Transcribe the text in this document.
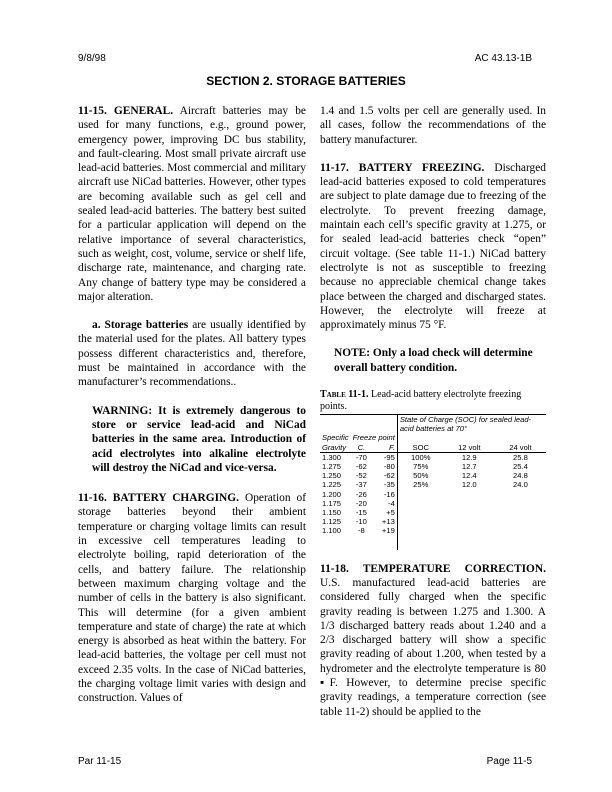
9/8/98	AC 43.13-1B
SECTION 2. STORAGE BATTERIES

11-15. GENERAL. Aircraft batteries may be used for many functions, e.g., ground power, emergency power, improving DC bus stability, and fault-clearing. Most small private aircraft use lead-acid batteries. Most commercial and military aircraft use NiCad batteries. However, other types are becoming available such as gel cell and sealed lead-acid batteries. The battery best suited for a particular application will depend on the relative importance of several characteristics, such as weight, cost, volume, service or shelf life, discharge rate, maintenance, and charging rate. Any change of battery type may be considered a major alteration.

a. Storage batteries are usually identified by the material used for the plates. All battery types possess different characteristics and, therefore, must be maintained in accordance with the manufacturer’s recommendations..

WARNING: It is extremely dangerous to store or service lead-acid and NiCad batteries in the same area. Introduction of acid electrolytes into alkaline electrolyte will destroy the NiCad and vice-versa.

11-16. BATTERY CHARGING. Operation of storage batteries beyond their ambient temperature or charging voltage limits can result in excessive cell temperatures leading to electrolyte boiling, rapid deterioration of the cells, and battery failure. The relationship between maximum charging voltage and the number of cells in the battery is also significant. This will determine (for a given ambient temperature and state of charge) the rate at which energy is absorbed as heat within the battery. For lead-acid batteries, the voltage per cell must not exceed 2.35 volts. In the case of NiCad batteries, the charging voltage limit varies with design and construction. Values of

1.4 and 1.5 volts per cell are generally used. In all cases, follow the recommendations of the battery manufacturer.

11-17. BATTERY FREEZING. Discharged lead-acid batteries exposed to cold temperatures are subject to plate damage due to freezing of the electrolyte. To prevent freezing damage, maintain each cell’s specific gravity at 1.275, or for sealed lead-acid batteries check “open” circuit voltage. (See table 11-1.) NiCad battery electrolyte is not as susceptible to freezing because no appreciable chemical change takes place between the charged and discharged states. However, the electrolyte will freeze at approximately minus 75 °F.

NOTE: Only a load check will determine overall battery condition.

Table 11-1. Lead-acid battery electrolyte freezing points.

			State of Charge (SOC) for sealed lead-acid batteries at 70°		
Specific	Freeze point				
Gravity	C.	F.	SOC	12 volt	24 volt
1.300	-70	-95	100%	12.9	25.8
1.275	-62	-80	75%	12.7	25.4
1.250	-52	-62	50%	12.4	24.8
1.225	-37	-35	25%	12.0	24.0
1.200	-26	-16			
1.175	-20	-4			
1.150	-15	+5			
1.125	-10	+13			
1.100	-8	+19			

11-18. TEMPERATURE CORRECTION. U.S. manufactured lead-acid batteries are considered fully charged when the specific gravity reading is between 1.275 and 1.300. A 1/3 discharged battery reads about 1.240 and a 2/3 discharged battery will show a specific gravity reading of about 1.200, when tested by a hydrometer and the electrolyte temperature is 80 ▪F. However, to determine precise specific gravity readings, a temperature correction (see table 11-2) should be applied to the

Par 11-15	Page 11-5
